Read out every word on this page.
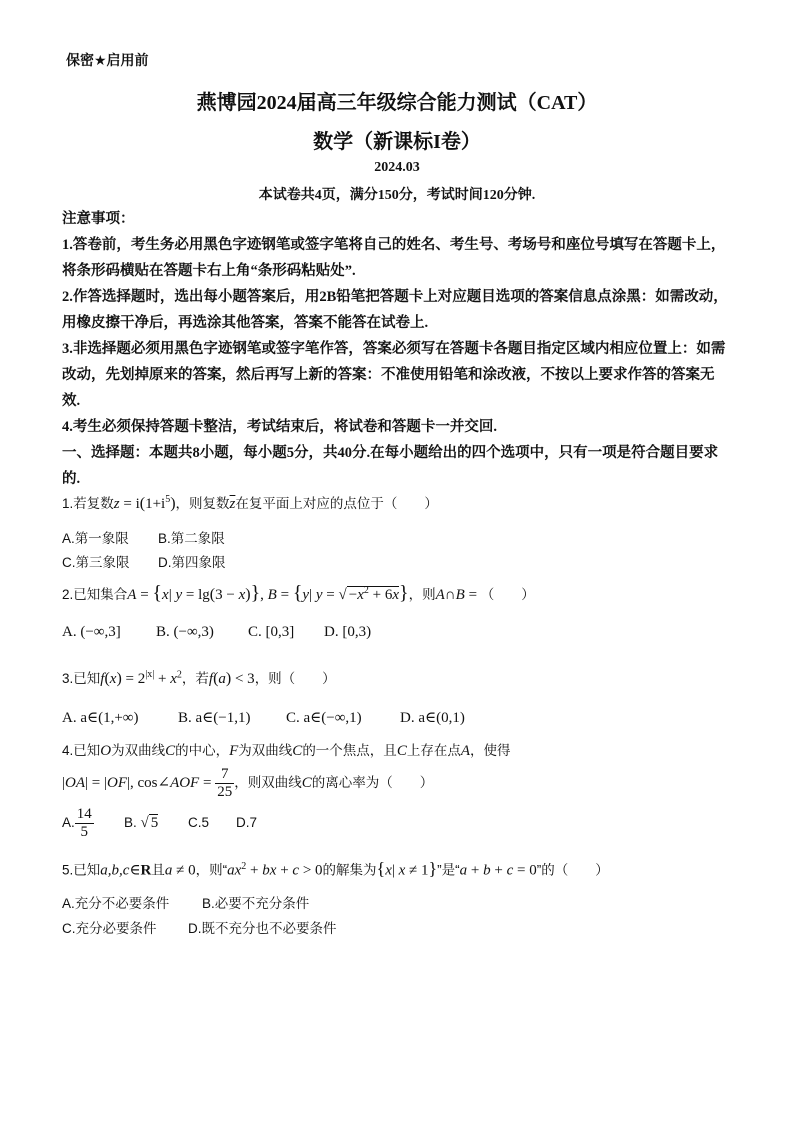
保密★启用前
燕博园2024届高三年级综合能力测试（CAT）
数学（新课标I卷）
2024.03
本试卷共4页，满分150分，考试时间120分钟.

注意事项：

1.答卷前，考生务必用黑色字迹钢笔或签字笔将自己的姓名、考生号、考场号和座位号填写在答题卡上，将条形码横贴在答题卡右上角“条形码粘贴处”.

2.作答选择题时，选出每小题答案后，用2B铅笔把答题卡上对应题目选项的答案信息点涂黑：如需改动，用橡皮擦干净后，再选涂其他答案，答案不能答在试卷上.

3.非选择题必须用黑色字迹钢笔或签字笔作答，答案必须写在答题卡各题目指定区域内相应位置上：如需改动，先划掉原来的答案，然后再写上新的答案：不准使用铅笔和涂改液，不按以上要求作答的答案无效.

4.考生必须保持答题卡整洁，考试结束后，将试卷和答题卡一并交回.

一、选择题：本题共8小题，每小题5分，共40分.在每小题给出的四个选项中，只有一项是符合题目要求的.

1.若复数$z = i(1+i^5)$，则复数$\overline{z}$在复平面上对应的点位于（　　）
A.第一象限 B.第二象限
C.第三象限 D.第四象限
2.已知集合A = {x| y = lg(3 − x)}, B = {y| y = √ $-x^2 + 6x$}，则A∩B = （　　）
A. (−∞,3] B. (−∞,3) C. [0,3] D. [0,3)
3.已知$f(x) = 2^{|x|} + x^2$，若f(a) < 3，则（　　）
A. a∈(1,+∞)	B. a∈(−1,1) C. a∈(−∞,1)	D. a∈(0,1)
4.已知O为双曲线C的中心，F为双曲线C的一个焦点，且C上存在点A，使得
|OA| = |OF|, cos∠AOF = $\frac{7}{25}$ ，则双曲线C的离心率为（　　）
A. $\frac{14}{5} B$. √ 5 C.5 D.7
5.已知a,b,c∈R且a ≠ 0，则“$ax^2$ + bx + c > 0的解集为{x| x ≠ 1}”是“a + b + c = 0”的（　　）
A.充分不必要条件 B.必要不充分条件
C.充分必要条件 D.既不充分也不必要条件
